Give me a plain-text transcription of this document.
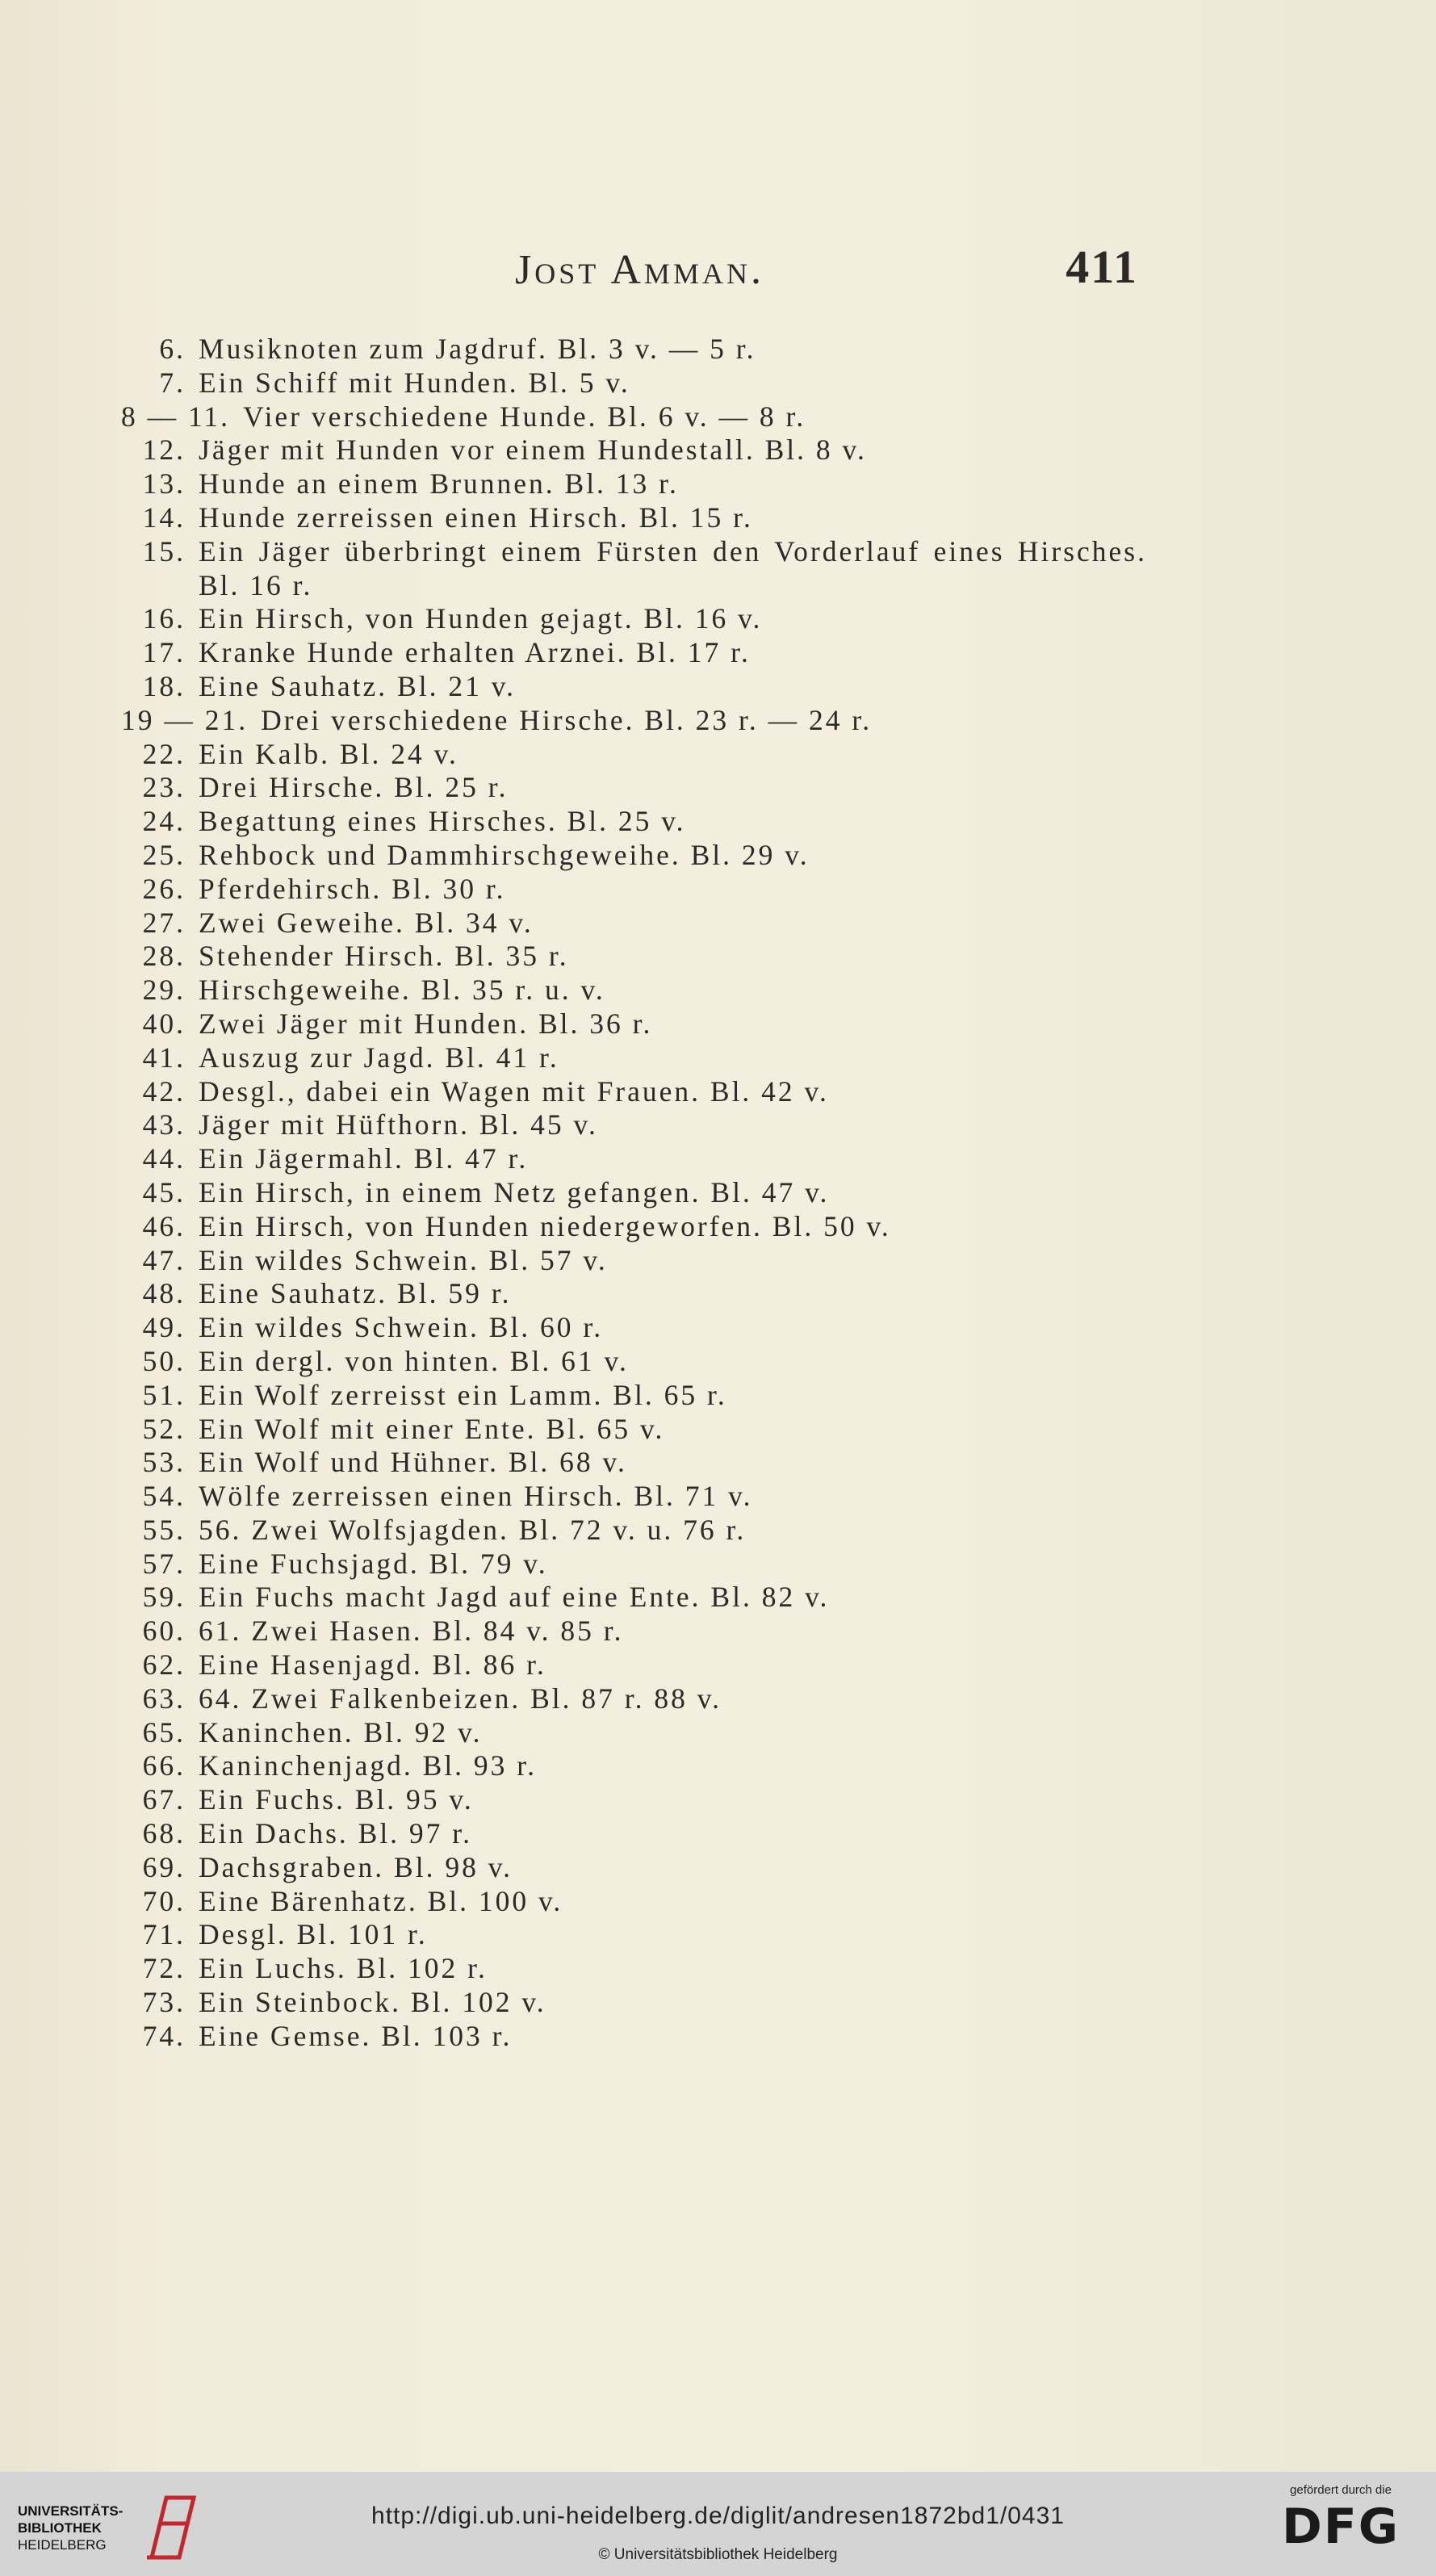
Jost Amman.	411
6. Musiknoten zum Jagdruf. Bl. 3 v. — 5 r.
7. Ein Schiff mit Hunden. Bl. 5 v.
8 — 11. Vier verschiedene Hunde. Bl. 6 v. — 8 r.
12. Jäger mit Hunden vor einem Hundestall. Bl. 8 v.
13. Hunde an einem Brunnen. Bl. 13 r.
14. Hunde zerreissen einen Hirsch. Bl. 15 r.
15. Ein Jäger überbringt einem Fürsten den Vorderlauf eines Hirsches. Bl. 16 r.
16. Ein Hirsch, von Hunden gejagt. Bl. 16 v.
17. Kranke Hunde erhalten Arznei. Bl. 17 r.
18. Eine Sauhatz. Bl. 21 v.
19 — 21. Drei verschiedene Hirsche. Bl. 23 r. — 24 r.
22. Ein Kalb. Bl. 24 v.
23. Drei Hirsche. Bl. 25 r.
24. Begattung eines Hirsches. Bl. 25 v.
25. Rehbock und Dammhirschgeweihe. Bl. 29 v.
26. Pferdehirsch. Bl. 30 r.
27. Zwei Geweihe. Bl. 34 v.
28. Stehender Hirsch. Bl. 35 r.
29. Hirschgeweihe. Bl. 35 r. u. v.
40. Zwei Jäger mit Hunden. Bl. 36 r.
41. Auszug zur Jagd. Bl. 41 r.
42. Desgl., dabei ein Wagen mit Frauen. Bl. 42 v.
43. Jäger mit Hüfthorn. Bl. 45 v.
44. Ein Jägermahl. Bl. 47 r.
45. Ein Hirsch, in einem Netz gefangen. Bl. 47 v.
46. Ein Hirsch, von Hunden niedergeworfen. Bl. 50 v.
47. Ein wildes Schwein. Bl. 57 v.
48. Eine Sauhatz. Bl. 59 r.
49. Ein wildes Schwein. Bl. 60 r.
50. Ein dergl. von hinten. Bl. 61 v.
51. Ein Wolf zerreisst ein Lamm. Bl. 65 r.
52. Ein Wolf mit einer Ente. Bl. 65 v.
53. Ein Wolf und Hühner. Bl. 68 v.
54. Wölfe zerreissen einen Hirsch. Bl. 71 v.
55. 56. Zwei Wolfsjagden. Bl. 72 v. u. 76 r.
57. Eine Fuchsjagd. Bl. 79 v.
59. Ein Fuchs macht Jagd auf eine Ente. Bl. 82 v.
60. 61. Zwei Hasen. Bl. 84 v. 85 r.
62. Eine Hasenjagd. Bl. 86 r.
63. 64. Zwei Falkenbeizen. Bl. 87 r. 88 v.
65. Kaninchen. Bl. 92 v.
66. Kaninchenjagd. Bl. 93 r.
67. Ein Fuchs. Bl. 95 v.
68. Ein Dachs. Bl. 97 r.
69. Dachsgraben. Bl. 98 v.
70. Eine Bärenhatz. Bl. 100 v.
71. Desgl. Bl. 101 r.
72. Ein Luchs. Bl. 102 r.
73. Ein Steinbock. Bl. 102 v.
74. Eine Gemse. Bl. 103 r.
UNIVERSITÄTS-
BIBLIOTHEK
HEIDELBERG
http://digi.ub.uni-heidelberg.de/diglit/andresen1872bd1/0431
© Universitätsbibliothek Heidelberg
gefördert durch die
DFG
